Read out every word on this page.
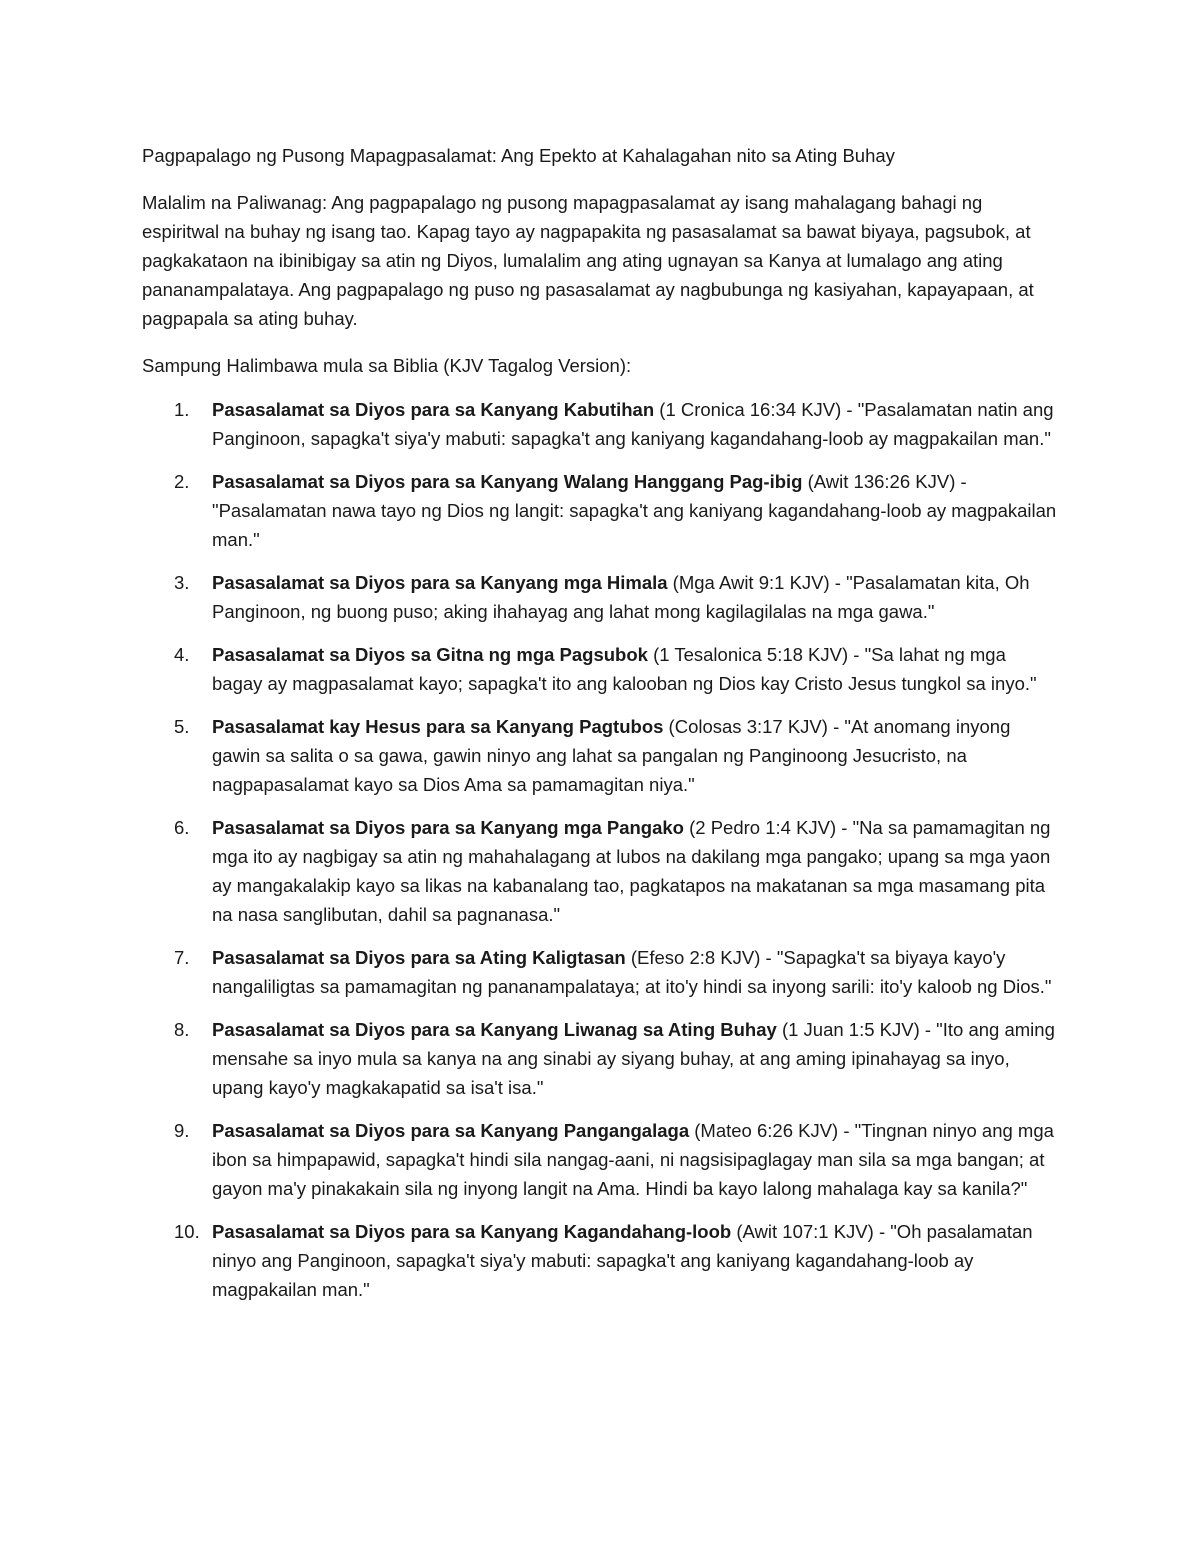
Pagpapalago ng Pusong Mapagpasalamat: Ang Epekto at Kahalagahan nito sa Ating Buhay

Malalim na Paliwanag: Ang pagpapalago ng pusong mapagpasalamat ay isang mahalagang bahagi ng espiritwal na buhay ng isang tao. Kapag tayo ay nagpapakita ng pasasalamat sa bawat biyaya, pagsubok, at pagkakataon na ibinibigay sa atin ng Diyos, lumalalim ang ating ugnayan sa Kanya at lumalago ang ating pananampalataya. Ang pagpapalago ng puso ng pasasalamat ay nagbubunga ng kasiyahan, kapayapaan, at pagpapala sa ating buhay.

Sampung Halimbawa mula sa Biblia (KJV Tagalog Version):

1.	Pasasalamat sa Diyos para sa Kanyang Kabutihan (1 Cronica 16:34 KJV) - "Pasalamatan natin ang Panginoon, sapagka't siya'y mabuti: sapagka't ang kaniyang kagandahang-loob ay magpakailan man."
2.	Pasasalamat sa Diyos para sa Kanyang Walang Hanggang Pag-ibig (Awit 136:26 KJV) - "Pasalamatan nawa tayo ng Dios ng langit: sapagka't ang kaniyang kagandahang-loob ay magpakailan man."
3.	Pasasalamat sa Diyos para sa Kanyang mga Himala (Mga Awit 9:1 KJV) - "Pasalamatan kita, Oh Panginoon, ng buong puso; aking ihahayag ang lahat mong kagilagilalas na mga gawa."
4.	Pasasalamat sa Diyos sa Gitna ng mga Pagsubok (1 Tesalonica 5:18 KJV) - "Sa lahat ng mga bagay ay magpasalamat kayo; sapagka't ito ang kalooban ng Dios kay Cristo Jesus tungkol sa inyo."
5.	Pasasalamat kay Hesus para sa Kanyang Pagtubos (Colosas 3:17 KJV) - "At anomang inyong gawin sa salita o sa gawa, gawin ninyo ang lahat sa pangalan ng Panginoong Jesucristo, na nagpapasalamat kayo sa Dios Ama sa pamamagitan niya."
6.	Pasasalamat sa Diyos para sa Kanyang mga Pangako (2 Pedro 1:4 KJV) - "Na sa pamamagitan ng mga ito ay nagbigay sa atin ng mahahalagang at lubos na dakilang mga pangako; upang sa mga yaon ay mangakalakip kayo sa likas na kabanalang tao, pagkatapos na makatanan sa mga masamang pita na nasa sanglibutan, dahil sa pagnanasa."
7.	Pasasalamat sa Diyos para sa Ating Kaligtasan (Efeso 2:8 KJV) - "Sapagka't sa biyaya kayo'y nangaliligtas sa pamamagitan ng pananampalataya; at ito'y hindi sa inyong sarili: ito'y kaloob ng Dios."
8.	Pasasalamat sa Diyos para sa Kanyang Liwanag sa Ating Buhay (1 Juan 1:5 KJV) - "Ito ang aming mensahe sa inyo mula sa kanya na ang sinabi ay siyang buhay, at ang aming ipinahayag sa inyo, upang kayo'y magkakapatid sa isa't isa."
9.	Pasasalamat sa Diyos para sa Kanyang Pangangalaga (Mateo 6:26 KJV) - "Tingnan ninyo ang mga ibon sa himpapawid, sapagka't hindi sila nangag-aani, ni nagsisipaglagay man sila sa mga bangan; at gayon ma'y pinakakain sila ng inyong langit na Ama. Hindi ba kayo lalong mahalaga kay sa kanila?"
10. Pasasalamat sa Diyos para sa Kanyang Kagandahang-loob (Awit 107:1 KJV) - "Oh pasalamatan ninyo ang Panginoon, sapagka't siya'y mabuti: sapagka't ang kaniyang kagandahang-loob ay magpakailan man."
